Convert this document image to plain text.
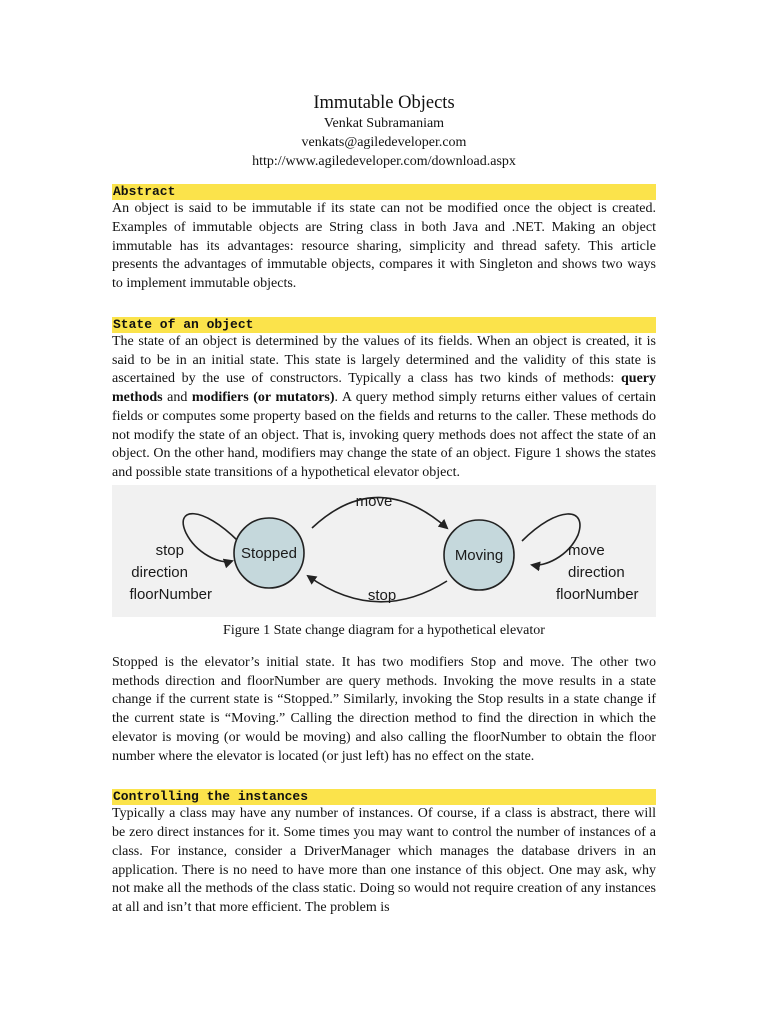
Immutable Objects
Venkat Subramaniam
venkats@agiledeveloper.com
http://www.agiledeveloper.com/download.aspx
Abstract

An object is said to be immutable if its state can not be modified once the object is created. Examples of immutable objects are String class in both Java and .NET. Making an object immutable has its advantages: resource sharing, simplicity and thread safety. This article presents the advantages of immutable objects, compares it with Singleton and shows two ways to implement immutable objects.

State of an object

The state of an object is determined by the values of its fields. When an object is created, it is said to be in an initial state. This state is largely determined and the validity of this state is ascertained by the use of constructors. Typically a class has two kinds of methods: query methods and modifiers (or mutators). A query method simply returns either values of certain fields or computes some property based on the fields and returns to the caller. These methods do not modify the state of an object. That is, invoking query methods does not affect the state of an object. On the other hand, modifiers may change the state of an object. Figure 1 shows the states and possible state transitions of a hypothetical elevator object.

Stopped	Moving
move
stop
stop
direction
floorNumber
move
direction
floorNumber
Figure 1 State change diagram for a hypothetical elevator

Stopped is the elevator’s initial state. It has two modifiers Stop and move. The other two methods direction and floorNumber are query methods. Invoking the move results in a state change if the current state is “Stopped.” Similarly, invoking the Stop results in a state change if the current state is “Moving.” Calling the direction method to find the direction in which the elevator is moving (or would be moving) and also calling the floorNumber to obtain the floor number where the elevator is located (or just left) has no effect on the state.

Controlling the instances

Typically a class may have any number of instances. Of course, if a class is abstract, there will be zero direct instances for it. Some times you may want to control the number of instances of a class. For instance, consider a DriverManager which manages the database drivers in an application. There is no need to have more than one instance of this object. One may ask, why not make all the methods of the class static. Doing so would not require creation of any instances at all and isn’t that more efficient. The problem is
